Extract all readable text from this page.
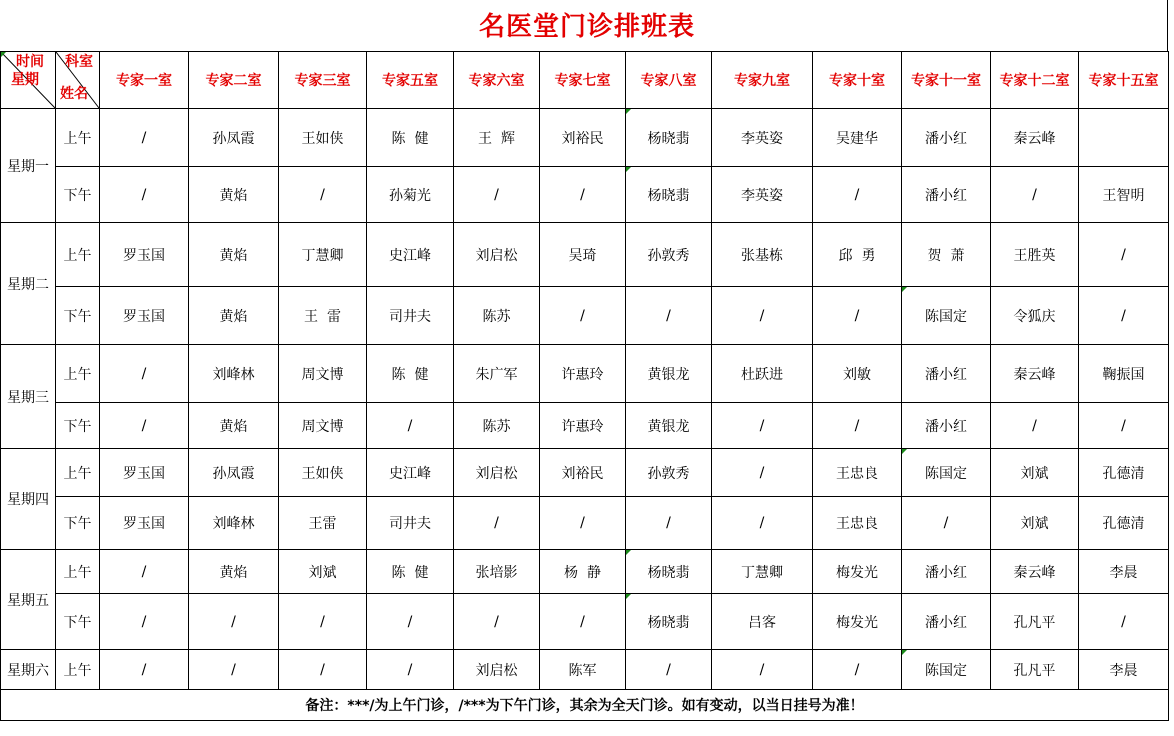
名医堂门诊排班表
时间
星期	科室
姓名	专家一室	专家二室	专家三室	专家五室	专家六室	专家七室	专家八室	专家九室	专家十室	专家十一室	专家十二室	专家十五室
星期一	上午	/	孙凤霞	王如侠	陈  健	王  辉	刘裕民	杨晓翡	李英姿	吴建华	潘小红	秦云峰	
	下午	/	黄焰	/	孙菊光	/	/	杨晓翡	李英姿	/	潘小红	/	王智明
星期二	上午	罗玉国	黄焰	丁慧卿	史江峰	刘启松	吴琦	孙敦秀	张基栋	邱  勇	贺  萧	王胜英	/
	下午	罗玉国	黄焰	王  雷	司井夫	陈苏	/	/	/	/	陈国定	令狐庆	/
星期三	上午	/	刘峰林	周文博	陈  健	朱广军	许惠玲	黄银龙	杜跃进	刘敏	潘小红	秦云峰	鞠振国
	下午	/	黄焰	周文博	/	陈苏	许惠玲	黄银龙	/	/	潘小红	/	/
星期四	上午	罗玉国	孙凤霞	王如侠	史江峰	刘启松	刘裕民	孙敦秀	/	王忠良	陈国定	刘斌	孔德清
	下午	罗玉国	刘峰林	王雷	司井夫	/	/	/	/	王忠良	/	刘斌	孔德清
星期五	上午	/	黄焰	刘斌	陈  健	张培影	杨  静	杨晓翡	丁慧卿	梅发光	潘小红	秦云峰	李晨
	下午	/	/	/	/	/	/	杨晓翡	吕客	梅发光	潘小红	孔凡平	/
星期六	上午	/	/	/	/	刘启松	陈军	/	/	/	陈国定	孔凡平	李晨
备注：***/为上午门诊，/***为下午门诊，其余为全天门诊。如有变动，以当日挂号为准！													
